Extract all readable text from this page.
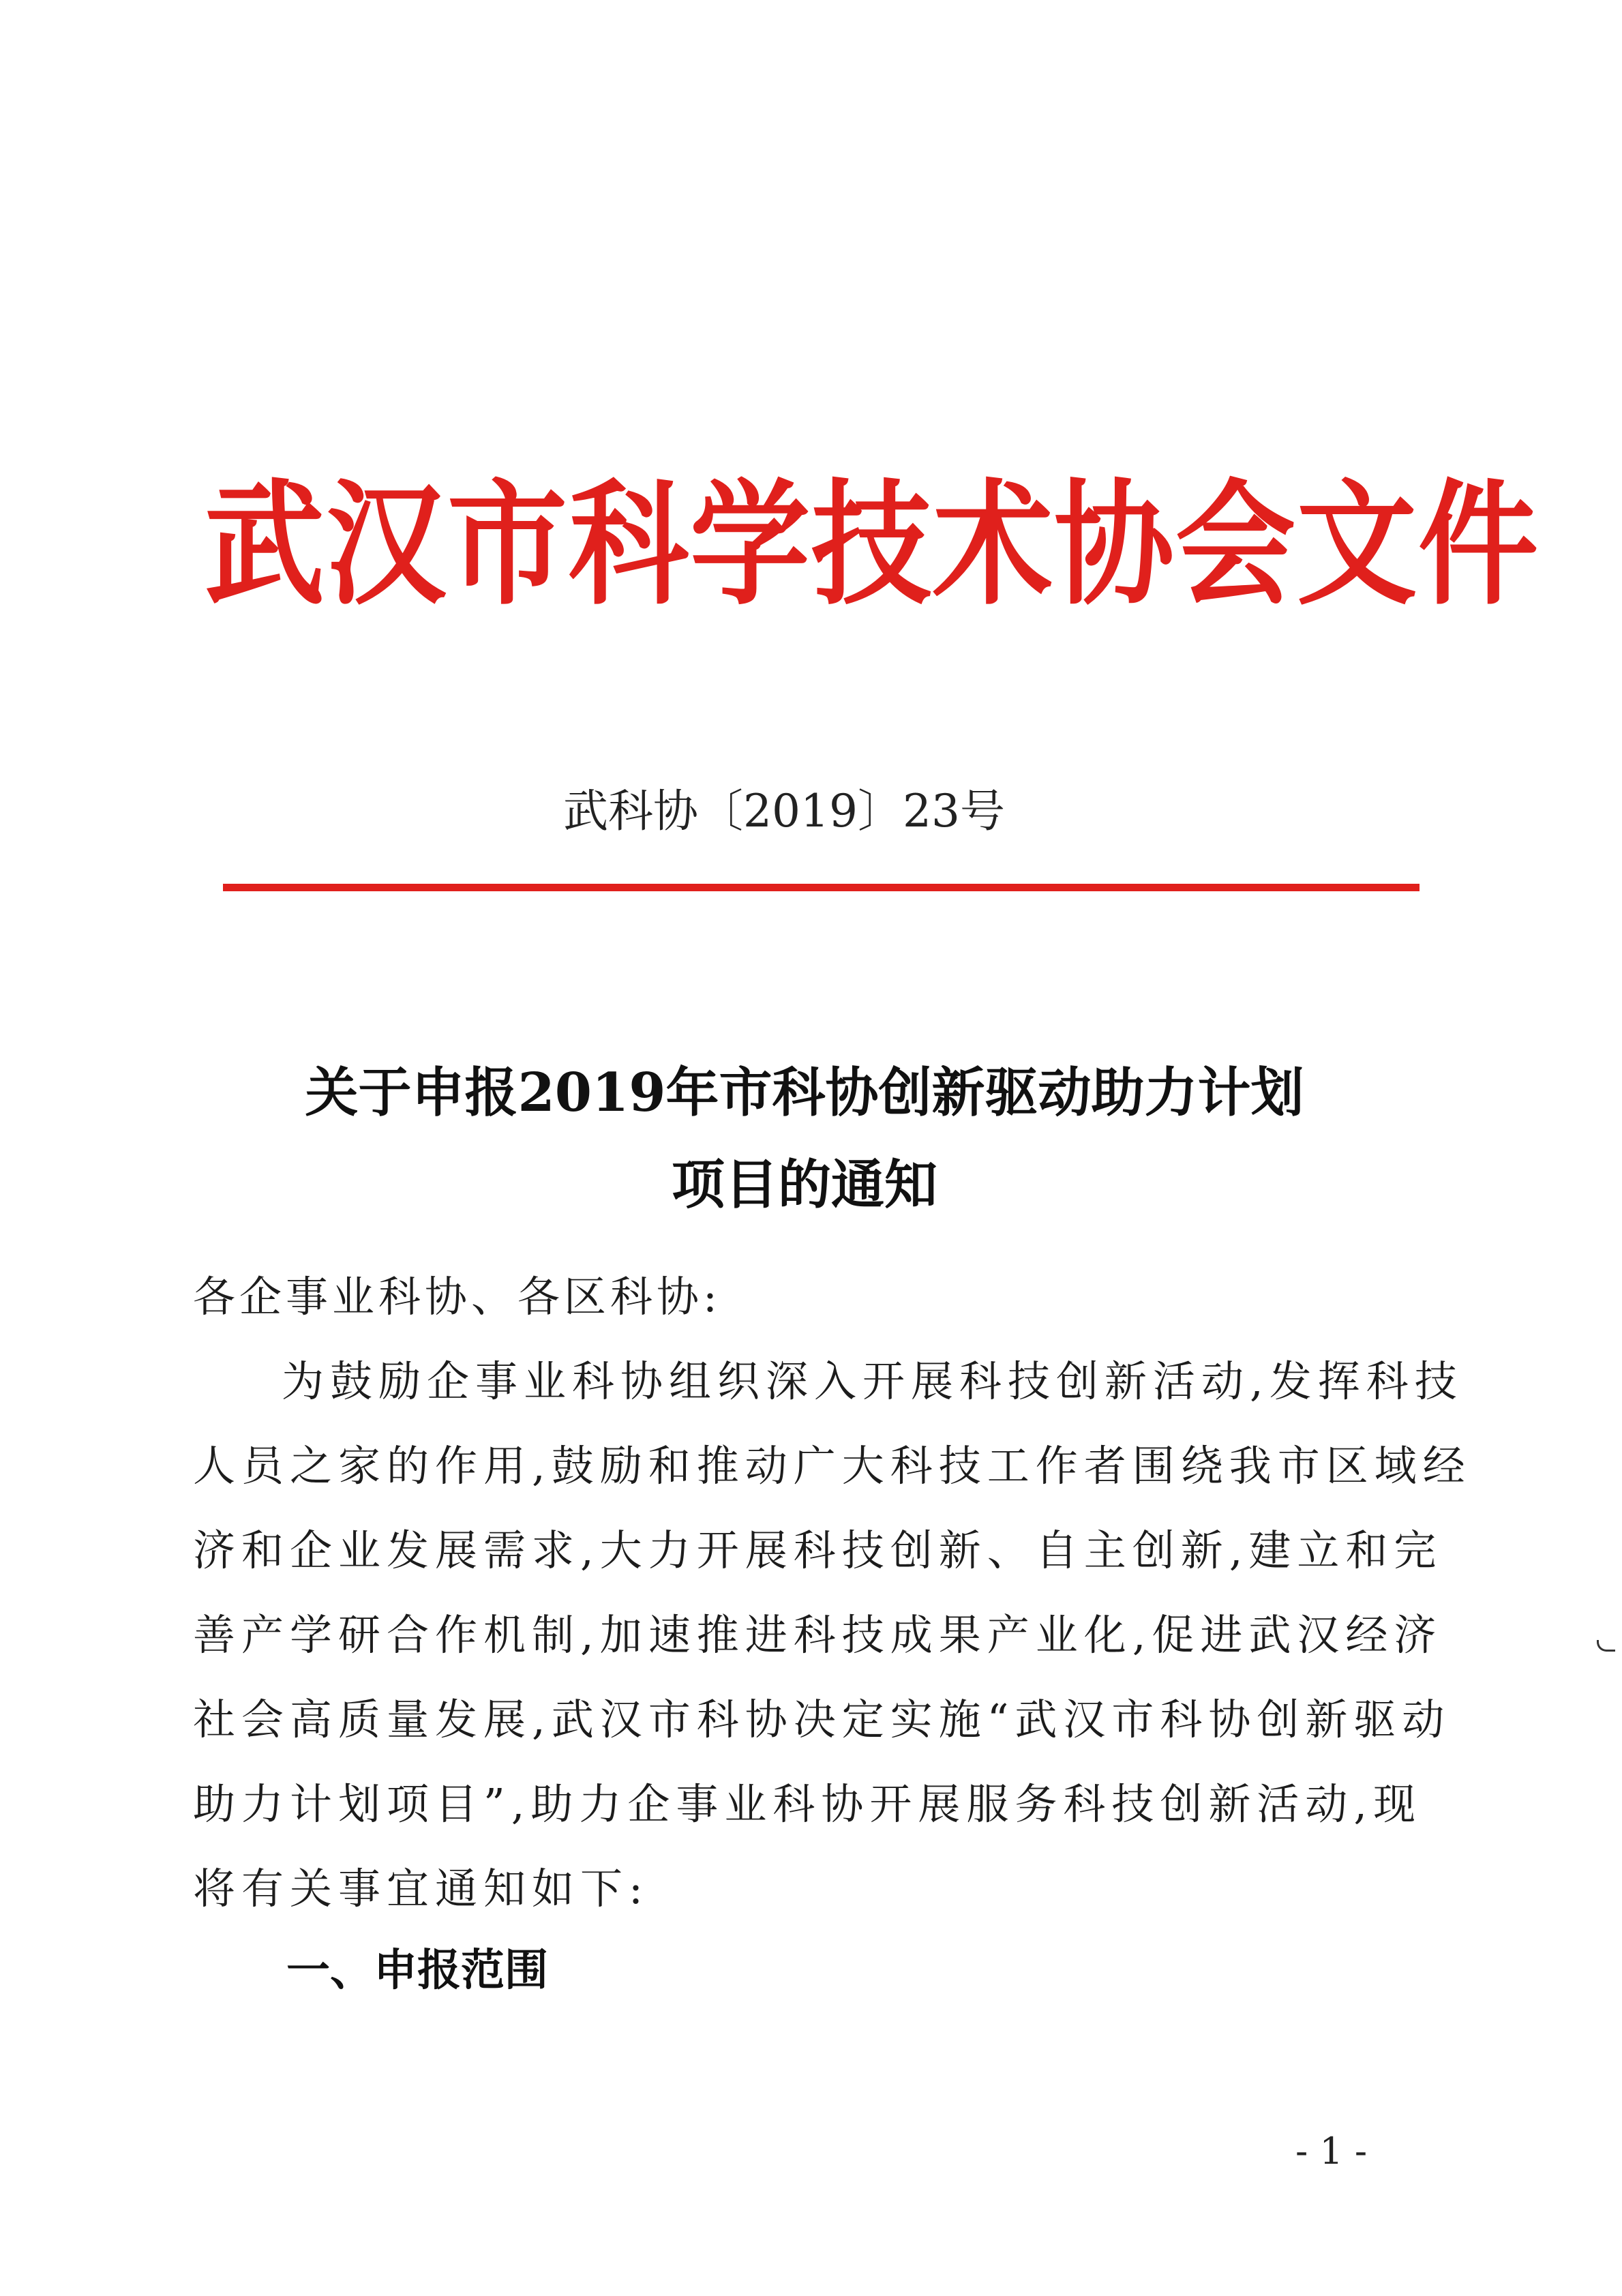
武汉市科学技术协会文件
武科协〔2019〕23号
关于申报2019年市科协创新驱动助力计划
项目的通知
各企事业科协、各区科协:
为鼓励企事业科协组织深入开展科技创新活动,发挥科技
人员之家的作用,鼓励和推动广大科技工作者围绕我市区域经
济和企业发展需求,大力开展科技创新、自主创新,建立和完
善产学研合作机制,加速推进科技成果产业化,促进武汉经济
社会高质量发展,武汉市科协决定实施“武汉市科协创新驱动
助力计划项目”,助力企事业科协开展服务科技创新活动,现
将有关事宜通知如下:
一、申报范围
- 1 -
